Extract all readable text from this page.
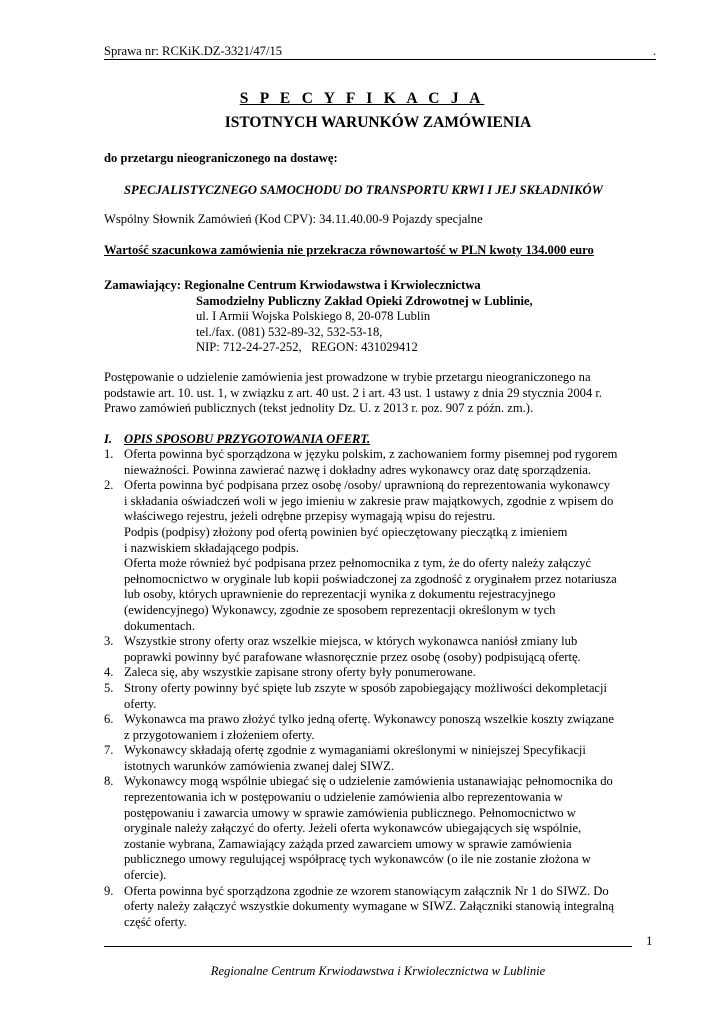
Sprawa nr: RCKiK.DZ-3321/47/15	.
S P E C Y F I K A C J A
ISTOTNYCH WARUNKÓW ZAMÓWIENIA
do przetargu nieograniczonego na dostawę:
SPECJALISTYCZNEGO SAMOCHODU DO TRANSPORTU KRWI I JEJ SKŁADNIKÓW
Wspólny Słownik Zamówień (Kod CPV): 34.11.40.00-9 Pojazdy specjalne
Wartość szacunkowa zamówienia nie przekracza równowartość w PLN kwoty 134.000 euro
Zamawiający: Regionalne Centrum Krwiodawstwa i Krwiolecznictwa
Samodzielny Publiczny Zakład Opieki Zdrowotnej w Lublinie,
ul. I Armii Wojska Polskiego 8, 20-078 Lublin
tel./fax. (081) 532-89-32, 532-53-18,
NIP: 712-24-27-252,   REGON: 431029412
Postępowanie o udzielenie zamówienia jest prowadzone w trybie przetargu nieograniczonego na
podstawie art. 10. ust. 1, w związku z art. 40 ust. 2 i art. 43 ust. 1 ustawy z dnia 29 stycznia 2004 r.
Prawo zamówień publicznych (tekst jednolity Dz. U. z 2013 r. poz. 907 z późn. zm.).
I. OPIS SPOSOBU PRZYGOTOWANIA OFERT.
1. Oferta powinna być sporządzona w języku polskim, z zachowaniem formy pisemnej pod rygorem
nieważności. Powinna zawierać nazwę i dokładny adres wykonawcy oraz datę sporządzenia.
2. Oferta powinna być podpisana przez osobę /osoby/ uprawnioną do reprezentowania wykonawcy
i składania oświadczeń woli w jego imieniu w zakresie praw majątkowych, zgodnie z wpisem do
właściwego rejestru, jeżeli odrębne przepisy wymagają wpisu do rejestru.
Podpis (podpisy) złożony pod ofertą powinien być opieczętowany pieczątką z imieniem
i nazwiskiem składającego podpis.
Oferta może również być podpisana przez pełnomocnika z tym, że do oferty należy załączyć
pełnomocnictwo w oryginale lub kopii poświadczonej za zgodność z oryginałem przez notariusza
lub osoby, których uprawnienie do reprezentacji wynika z dokumentu rejestracyjnego
(ewidencyjnego) Wykonawcy, zgodnie ze sposobem reprezentacji określonym w tych
dokumentach.
3. Wszystkie strony oferty oraz wszelkie miejsca, w których wykonawca naniósł zmiany lub
poprawki powinny być parafowane własnoręcznie przez osobę (osoby) podpisującą ofertę.
4. Zaleca się, aby wszystkie zapisane strony oferty były ponumerowane.
5. Strony oferty powinny być spięte lub zszyte w sposób zapobiegający możliwości dekompletacji
oferty.
6. Wykonawca ma prawo złożyć tylko jedną ofertę. Wykonawcy ponoszą wszelkie koszty związane
z przygotowaniem i złożeniem oferty.
7. Wykonawcy składają ofertę zgodnie z wymaganiami określonymi w niniejszej Specyfikacji
istotnych warunków zamówienia zwanej dalej SIWZ.
8. Wykonawcy mogą wspólnie ubiegać się o udzielenie zamówienia ustanawiając pełnomocnika do
reprezentowania ich w postępowaniu o udzielenie zamówienia albo reprezentowania w
postępowaniu i zawarcia umowy w sprawie zamówienia publicznego. Pełnomocnictwo w
oryginale należy załączyć do oferty. Jeżeli oferta wykonawców ubiegających się wspólnie,
zostanie wybrana, Zamawiający zażąda przed zawarciem umowy w sprawie zamówienia
publicznego umowy regulującej współpracę tych wykonawców (o ile nie zostanie złożona w
ofercie).
9. Oferta powinna być sporządzona zgodnie ze wzorem stanowiącym załącznik Nr 1 do SIWZ. Do
oferty należy załączyć wszystkie dokumenty wymagane w SIWZ. Załączniki stanowią integralną
część oferty.
1
Regionalne Centrum Krwiodawstwa i Krwiolecznictwa w Lublinie
